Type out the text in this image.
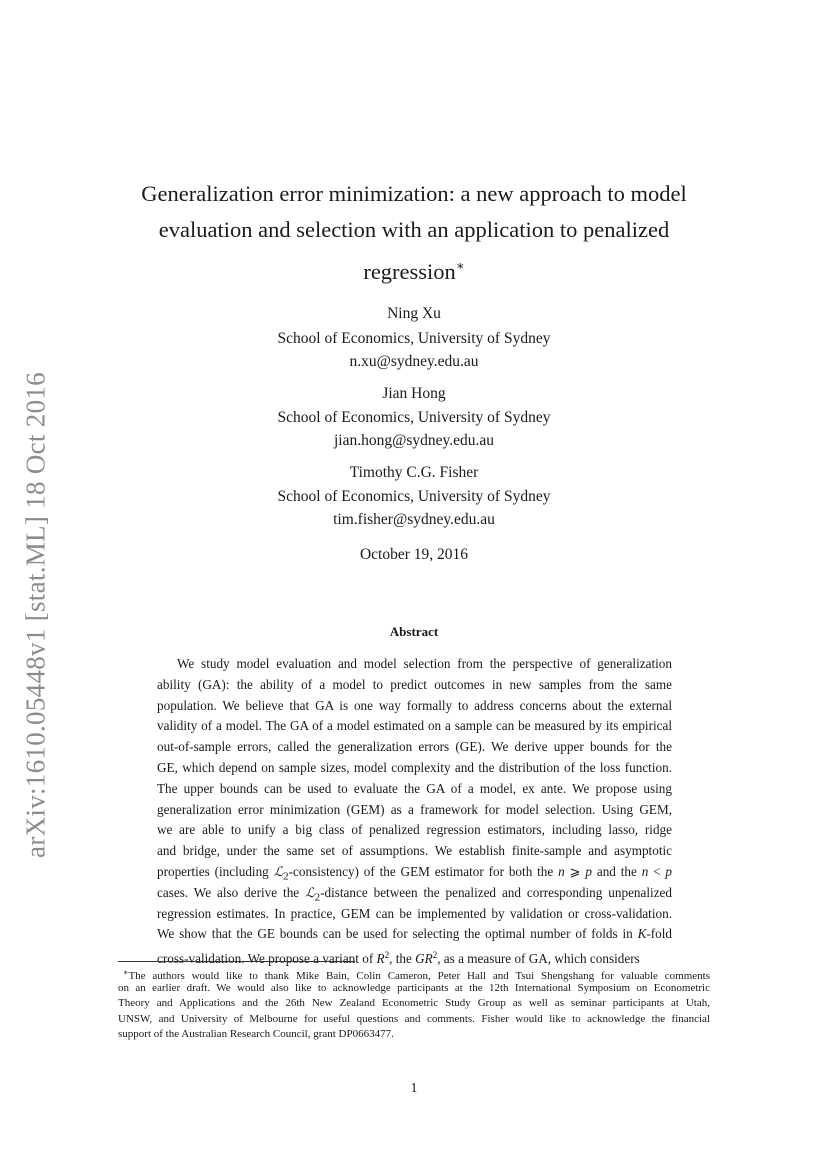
arXiv:1610.05448v1 [stat.ML] 18 Oct 2016
Generalization error minimization: a new approach to model
evaluation and selection with an application to penalized
regression∗
Ning Xu
School of Economics, University of Sydney
n.xu@sydney.edu.au
Jian Hong
School of Economics, University of Sydney
jian.hong@sydney.edu.au
Timothy C.G. Fisher
School of Economics, University of Sydney
tim.fisher@sydney.edu.au
October 19, 2016
Abstract
We study model evaluation and model selection from the perspective of generalization
ability (GA): the ability of a model to predict outcomes in new samples from the same
population. We believe that GA is one way formally to address concerns about the external
validity of a model. The GA of a model estimated on a sample can be measured by its empirical
out-of-sample errors, called the generalization errors (GE). We derive upper bounds for the
GE, which depend on sample sizes, model complexity and the distribution of the loss function.
The upper bounds can be used to evaluate the GA of a model, ex ante. We propose using
generalization error minimization (GEM) as a framework for model selection. Using GEM,
we are able to unify a big class of penalized regression estimators, including lasso, ridge
and bridge, under the same set of assumptions. We establish finite-sample and asymptotic
properties (including ℒ$_2$-consistency) of the GEM estimator for both the n ⩾ p and the n < p
cases. We also derive the ℒ$_2$-distance between the penalized and corresponding unpenalized
regression estimates. In practice, GEM can be implemented by validation or cross-validation.
We show that the GE bounds can be used for selecting the optimal number of folds in K-fold
cross-validation. We propose a variant of $R^2$, the $GR^2$, as a measure of GA, which considers
∗The authors would like to thank Mike Bain, Colin Cameron, Peter Hall and Tsui Shengshang for valuable comments
on an earlier draft. We would also like to acknowledge participants at the 12th International Symposium on Econometric
Theory and Applications and the 26th New Zealand Econometric Study Group as well as seminar participants at Utah,
UNSW, and University of Melbourne for useful questions and comments. Fisher would like to acknowledge the financial
support of the Australian Research Council, grant DP0663477.
1
